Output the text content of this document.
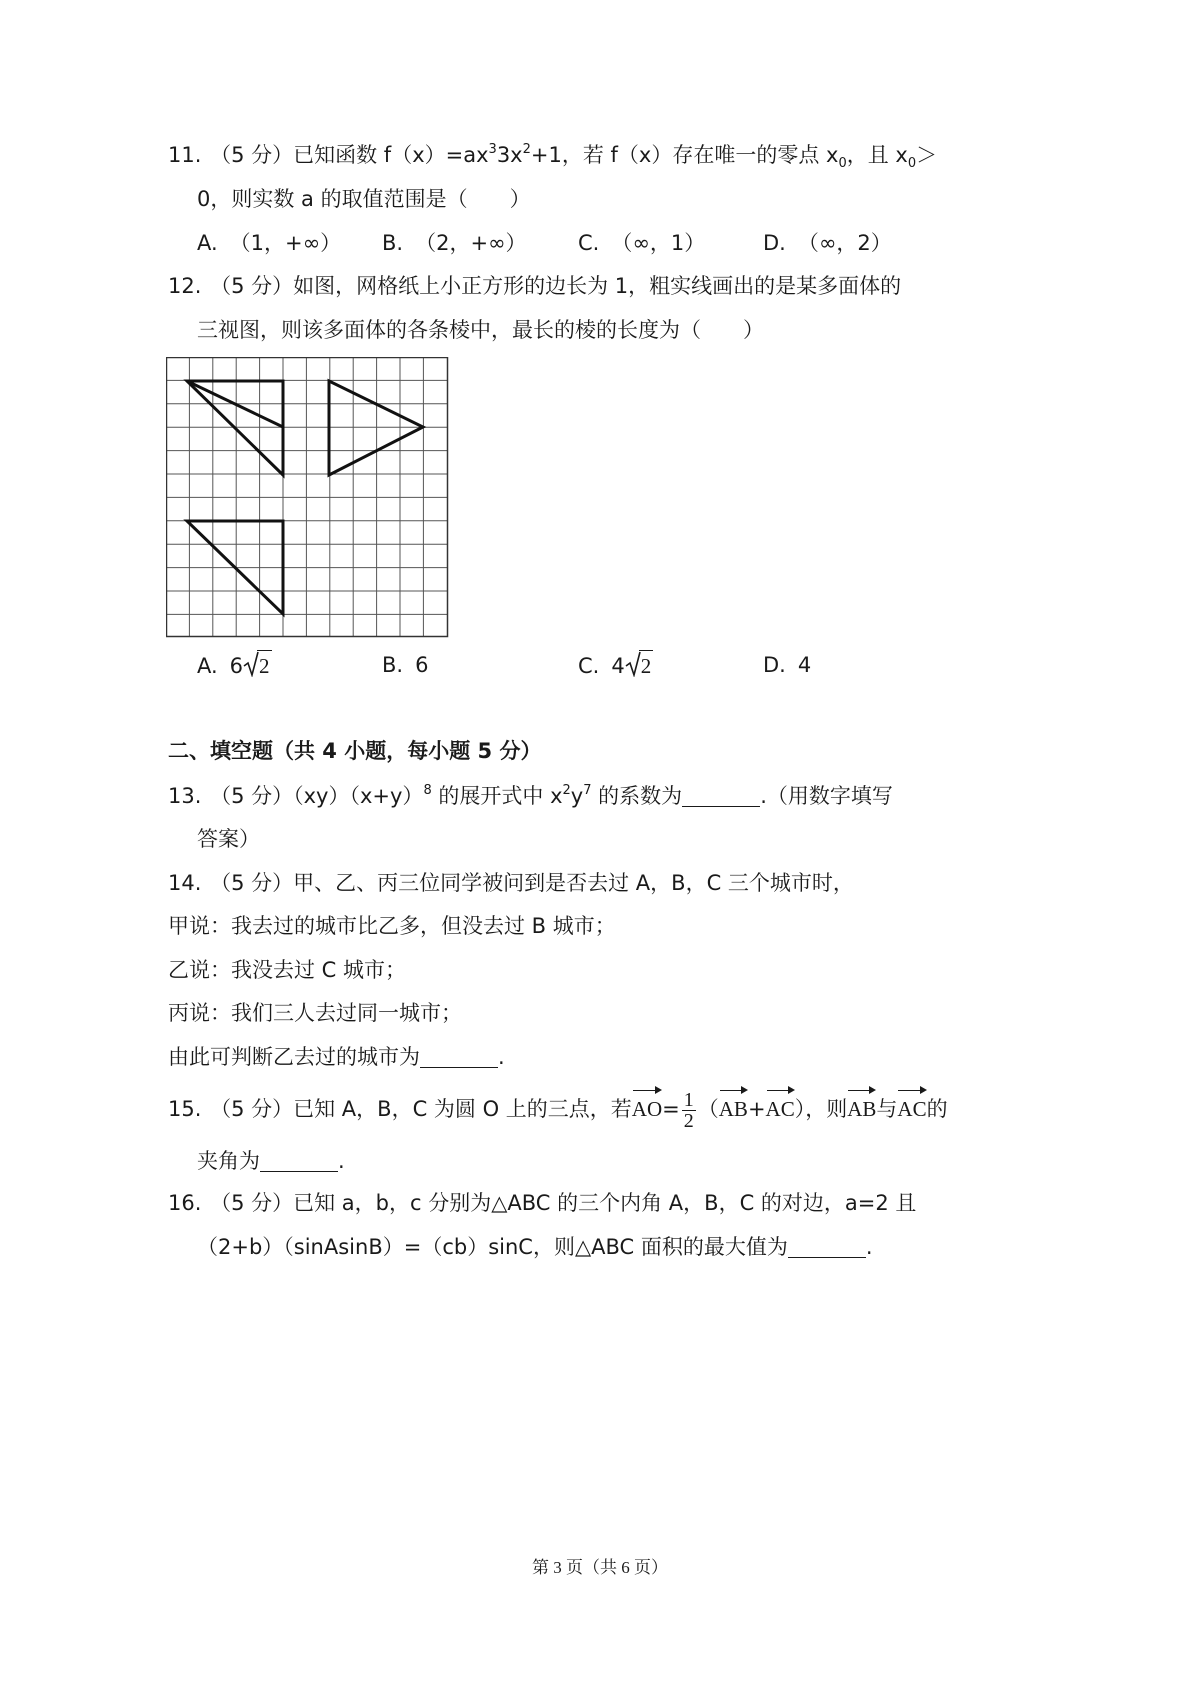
11. （5 分）已知函数 $f(x)=ax^33x^2+1$，若 f（x）存在唯一的零点 $x_0$，且 $x_0>$
0，则实数 a 的取值范围是（　　）
A. （1，+∞） B. （2，+∞） C. （∞，1）	D. （∞，2）
12. （5 分）如图，网格纸上小正方形的边长为 1，粗实线画出的是某多面体的
三视图，则该多面体的各条棱中，最长的棱的长度为（　　）
A. 6 2	B. 6	C. 4 2	D. 4
二、填空题（共 4 小题，每小题 5 分）
13. （5 分）$(xy)(x+y)^8$ 的展开式中 $x^2y^7$ 的系数为	.（用数字填写
答案）
14. （5 分）甲、乙、丙三位同学被问到是否去过 A，B，C 三个城市时，
甲说：我去过的城市比乙多，但没去过 B 城市；
乙说：我没去过 C 城市；
丙说：我们三人去过同一城市；
由此可判断乙去过的城市为	.
15. （5 分）已知 A，B，C 为圆 O 上的三点，若$AO= \frac{1}{2} (AB+AC)$，则AB与AC的
夹角为	.
16. （5 分）已知 a，b，c 分别为△ABC 的三个内角 A，B，C 的对边，a=2 且
（2+b）（sinAsinB）=（cb）sinC，则△ABC 面积的最大值为	.
第 3 页（共 6 页）
